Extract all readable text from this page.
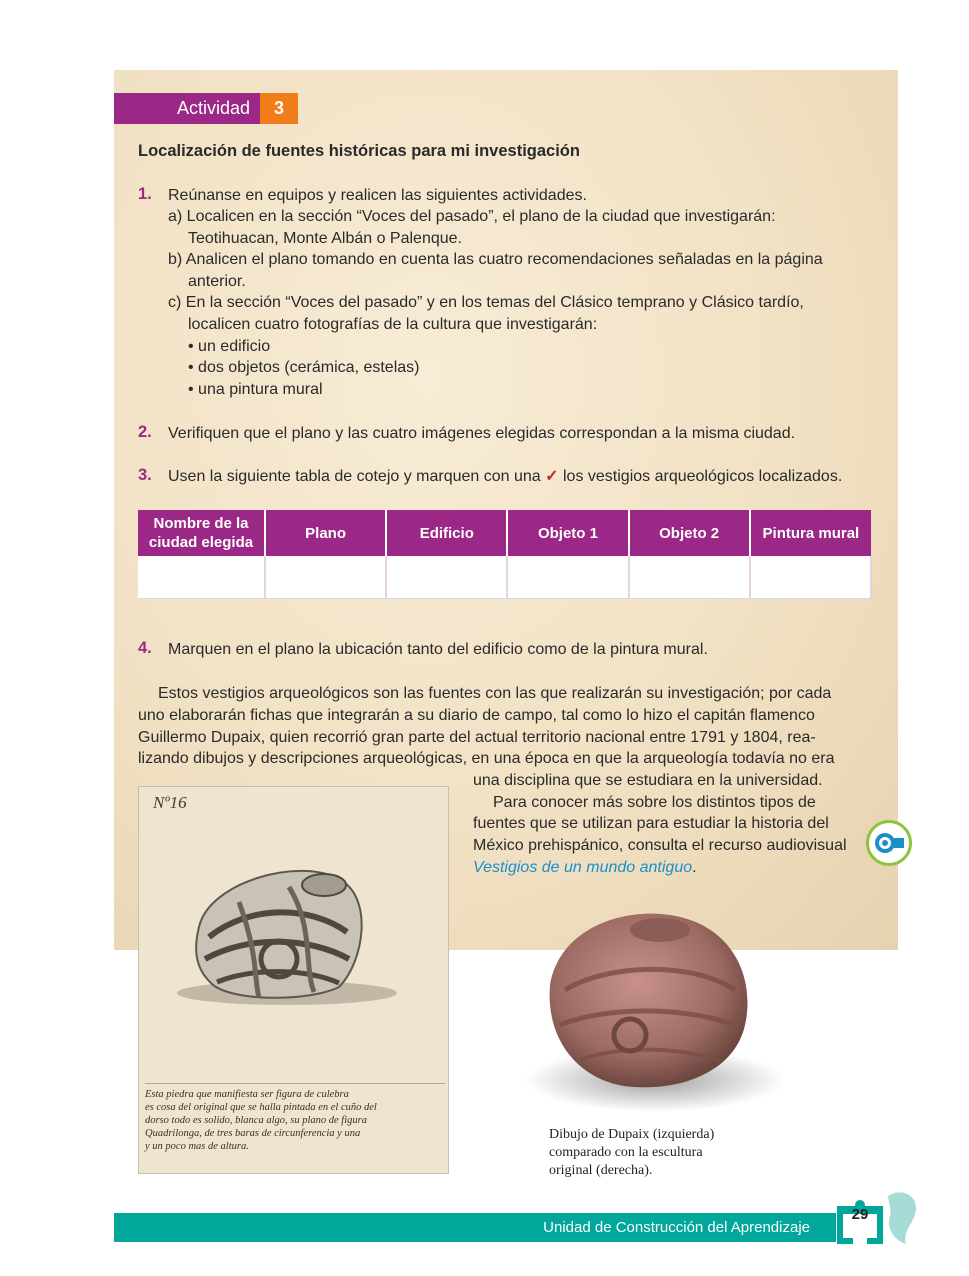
Actividad	3
Localización de fuentes históricas para mi investigación
1. Reúnanse en equipos y realicen las siguientes actividades.
a) Localicen en la sección “Voces del pasado”, el plano de la ciudad que investigarán:
Teotihuacan, Monte Albán o Palenque.
b) Analicen el plano tomando en cuenta las cuatro recomendaciones señaladas en la página
anterior.
c) En la sección “Voces del pasado” y en los temas del Clásico temprano y Clásico tardío,
localicen cuatro fotografías de la cultura que investigarán:
• un edificio
• dos objetos (cerámica, estelas)
• una pintura mural
2. Verifiquen que el plano y las cuatro imágenes elegidas correspondan a la misma ciudad.
3. Usen la siguiente tabla de cotejo y marquen con una ✓ los vestigios arqueológicos localizados.
Nombre de la ciudad elegida	Plano	Edificio	Objeto 1	Objeto 2	Pintura mural

4. Marquen en el plano la ubicación tanto del edificio como de la pintura mural.
Estos vestigios arqueológicos son las fuentes con las que realizarán su investigación; por cada
uno elaborarán fichas que integrarán a su diario de campo, tal como lo hizo el capitán flamenco
Guillermo Dupaix, quien recorrió gran parte del actual territorio nacional entre 1791 y 1804, rea-
lizando dibujos y descripciones arqueológicas, en una época en que la arqueología todavía no era
una disciplina que se estudiara en la universidad.
Para conocer más sobre los distintos tipos de
fuentes que se utilizan para estudiar la historia del
México prehispánico, consulta el recurso audiovisual
Vestigios de un mundo antiguo.
Nº16
Esta piedra que manifiesta ser figura de culebra
es cosa del original que se halla pintada en el cuño del
dorso todo es solido, blanca algo, su plano de figura
Quadrilonga, de tres baras de circunferencia y una
y un poco mas de altura.
Dibujo de Dupaix (izquierda)
comparado con la escultura
original (derecha).
Unidad de Construcción del Aprendizaje
29
